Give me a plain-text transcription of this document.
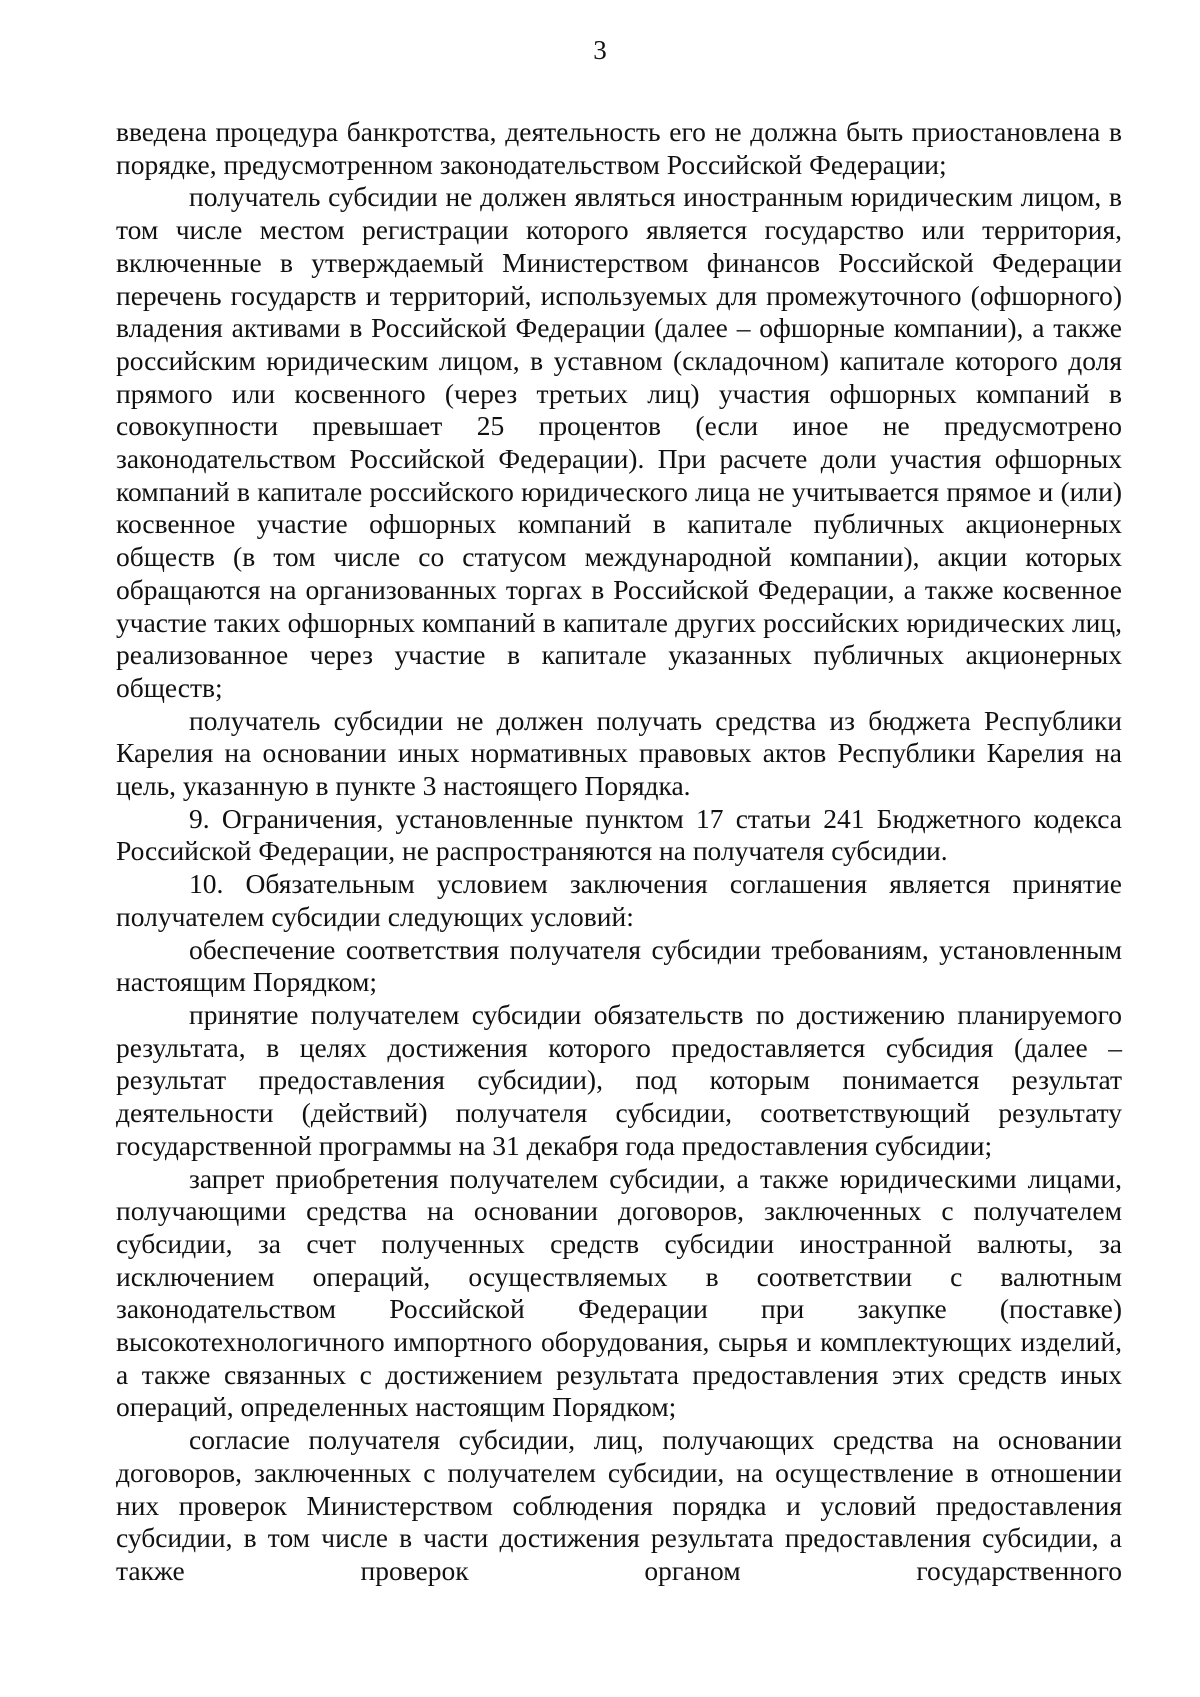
3

введена процедура банкротства, деятельность его не должна быть приостановлена в порядке, предусмотренном законодательством Российской Федерации;

получатель субсидии не должен являться иностранным юридическим лицом, в том числе местом регистрации которого является государство или территория, включенные в утверждаемый Министерством финансов Российской Федерации перечень государств и территорий, используемых для промежуточного (офшорного) владения активами в Российской Федерации (далее – офшорные компании), а также российским юридическим лицом, в уставном (складочном) капитале которого доля прямого или косвенного (через третьих лиц) участия офшорных компаний в совокупности превышает 25 процентов (если иное не предусмотрено законодательством Российской Федерации). При расчете доли участия офшорных компаний в капитале российского юридического лица не учитывается прямое и (или) косвенное участие офшорных компаний в капитале публичных акционерных обществ (в том числе со статусом международной компании), акции которых обращаются на организованных торгах в Российской Федерации, а также косвенное участие таких офшорных компаний в капитале других российских юридических лиц, реализованное через участие в капитале указанных публичных акционерных обществ;

получатель субсидии не должен получать средства из бюджета Республики Карелия на основании иных нормативных правовых актов Республики Карелия на цель, указанную в пункте 3 настоящего Порядка.

9. Ограничения, установленные пунктом 17 статьи 241 Бюджетного кодекса Российской Федерации, не распространяются на получателя субсидии.

10. Обязательным условием заключения соглашения является принятие получателем субсидии следующих условий:

обеспечение соответствия получателя субсидии требованиям, установленным настоящим Порядком;

принятие получателем субсидии обязательств по достижению планируемого результата, в целях достижения которого предоставляется субсидия (далее – результат предоставления субсидии), под которым понимается результат деятельности (действий) получателя субсидии, соответствующий результату государственной программы на 31 декабря года предоставления субсидии;

запрет приобретения получателем субсидии, а также юридическими лицами, получающими средства на основании договоров, заключенных с получателем субсидии, за счет полученных средств субсидии иностранной валюты, за исключением операций, осуществляемых в соответствии с валютным законодательством Российской Федерации при закупке (поставке) высокотехнологичного импортного оборудования, сырья и комплектующих изделий, а также связанных с достижением результата предоставления этих средств иных операций, определенных настоящим Порядком;

согласие получателя субсидии, лиц, получающих средства на основании договоров, заключенных с получателем субсидии, на осуществление в отношении них проверок Министерством соблюдения порядка и условий предоставления субсидии, в том числе в части достижения результата предоставления субсидии, а также проверок органом государственного
